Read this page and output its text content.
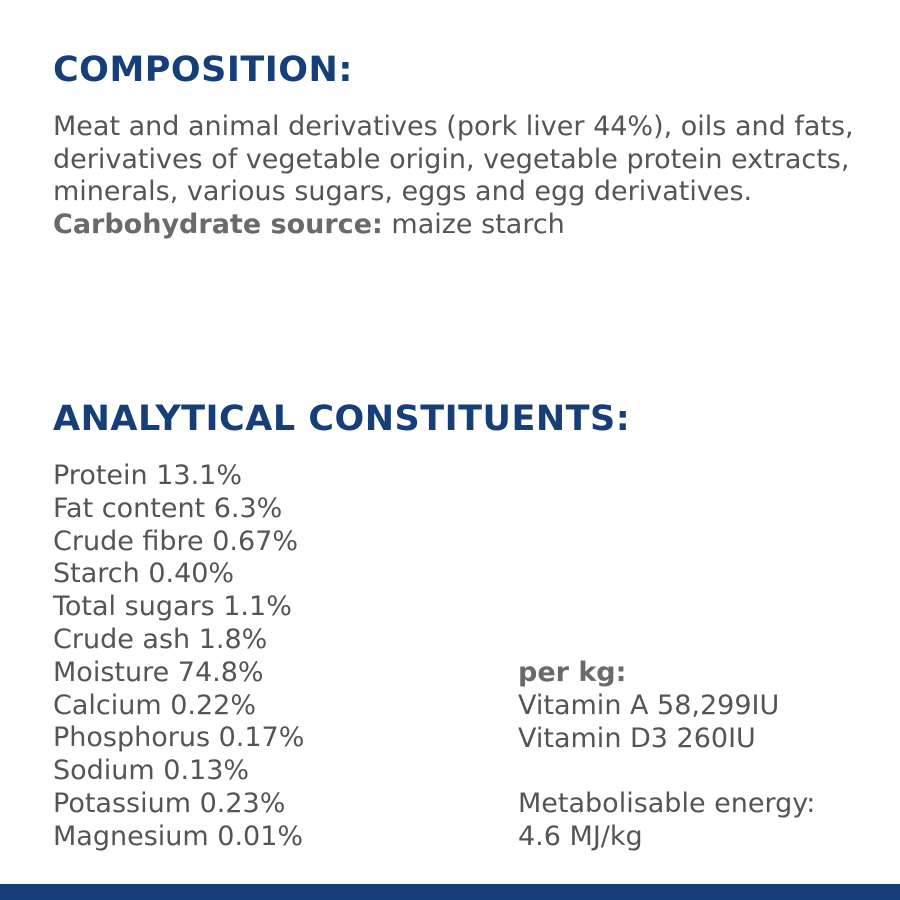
COMPOSITION:

Meat and animal derivatives (pork liver 44%), oils and fats, derivatives of vegetable origin, vegetable protein extracts, minerals, various sugars, eggs and egg derivatives.
Carbohydrate source: maize starch

ANALYTICAL CONSTITUENTS:
Protein 13.1%
Fat content 6.3%
Crude fibre 0.67%
Starch 0.40%
Total sugars 1.1%
Crude ash 1.8%
Moisture 74.8%
Calcium 0.22%
Phosphorus 0.17%
Sodium 0.13%
Potassium 0.23%
Magnesium 0.01%
per kg:
Vitamin A 58,299IU
Vitamin D3 260IU
Metabolisable energy:
4.6 MJ/kg
